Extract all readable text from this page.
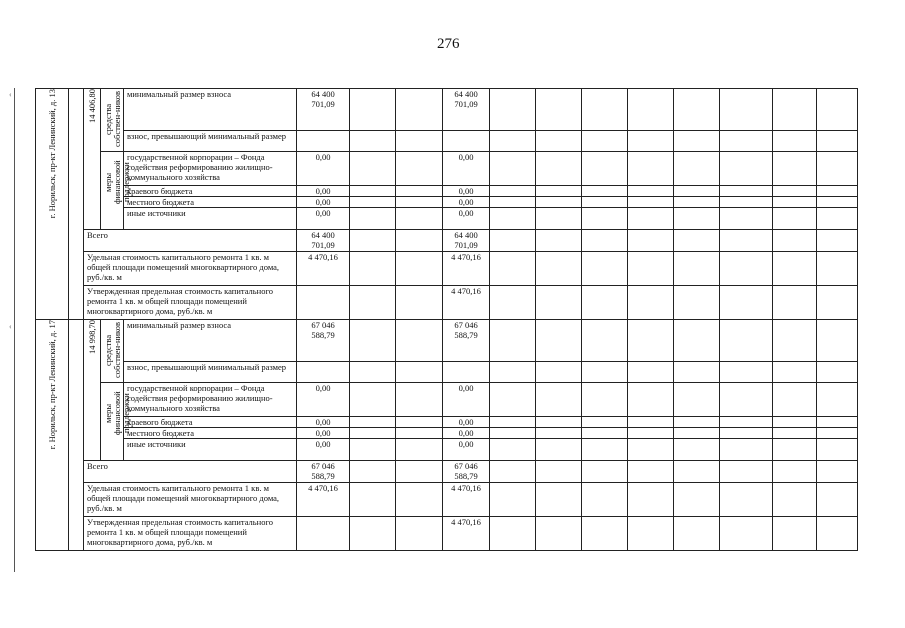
276
‹
‹
г. Норильск, пр-кт Ленинский, д. 13		14 406,80	средства собствен-ников	минимальный размер взноса	64 400 701,09			64 400 701,09								
				взнос, превышающий минимальный размер												
			меры финансовой поддержки	государственной корпорации – Фонда содействия реформированию жилищно-коммунального хозяйства	0,00			0,00								
				краевого бюджета	0,00			0,00								
				местного бюджета	0,00			0,00								
				иные источники	0,00			0,00								
		Всего			64 400 701,09			64 400 701,09								
		Удельная стоимость капитального ремонта 1 кв. м общей площади помещений многоквартирного дома, руб./кв. м			4 470,16			4 470,16								
		Утвержденная предельная стоимость капитального ремонта 1 кв. м общей площади помещений многоквартирного дома, руб./кв. м						4 470,16								
г. Норильск, пр-кт Ленинский, д. 17		14 998,70	средства собствен-ников	минимальный размер взноса	67 046 588,79			67 046 588,79								
				взнос, превышающий минимальный размер												
			меры финансовой поддержки	государственной корпорации – Фонда содействия реформированию жилищно-коммунального хозяйства	0,00			0,00								
				краевого бюджета	0,00			0,00								
				местного бюджета	0,00			0,00								
				иные источники	0,00			0,00								
		Всего			67 046 588,79			67 046 588,79								
		Удельная стоимость капитального ремонта 1 кв. м общей площади помещений многоквартирного дома, руб./кв. м			4 470,16			4 470,16								
		Утвержденная предельная стоимость капитального ремонта 1 кв. м общей площади помещений многоквартирного дома, руб./кв. м						4 470,16								
